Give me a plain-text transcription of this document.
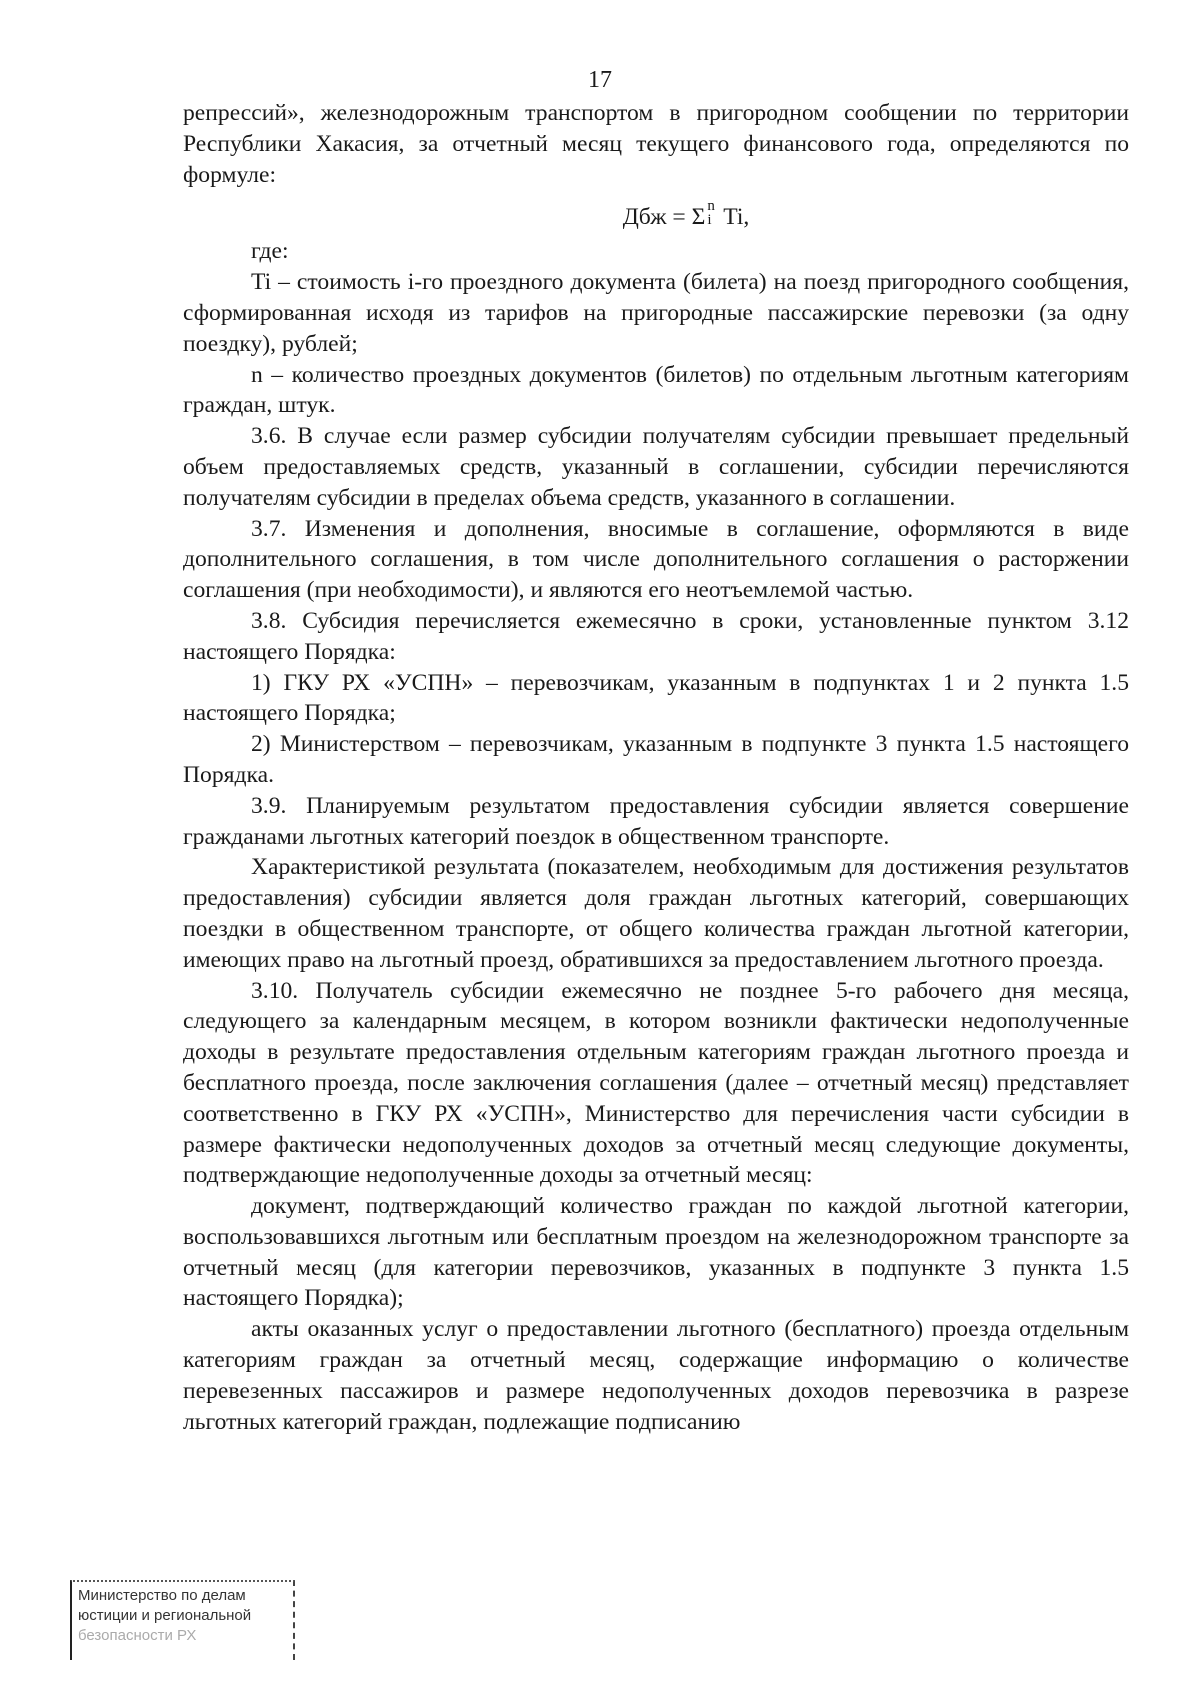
17

репрессий», железнодорожным транспортом в пригородном сообщении по территории Республики Хакасия, за отчетный месяц текущего финансового года, определяются по формуле:

Дбж = Σ n
i Ti,

где:

Ti – стоимость i-го проездного документа (билета) на поезд пригородного сообщения, сформированная исходя из тарифов на пригородные пассажирские перевозки (за одну поездку), рублей;

n – количество проездных документов (билетов) по отдельным льготным категориям граждан, штук.

3.6. В случае если размер субсидии получателям субсидии превышает предельный объем предоставляемых средств, указанный в соглашении, субсидии перечисляются получателям субсидии в пределах объема средств, указанного в соглашении.

3.7. Изменения и дополнения, вносимые в соглашение, оформляются в виде дополнительного соглашения, в том числе дополнительного соглашения о расторжении соглашения (при необходимости), и являются его неотъемлемой частью.

3.8. Субсидия перечисляется ежемесячно в сроки, установленные пунктом 3.12 настоящего Порядка:

1) ГКУ РХ «УСПН» – перевозчикам, указанным в подпунктах 1 и 2 пункта 1.5 настоящего Порядка;

2) Министерством – перевозчикам, указанным в подпункте 3 пункта 1.5 настоящего Порядка.

3.9. Планируемым результатом предоставления субсидии является совершение гражданами льготных категорий поездок в общественном транспорте.

Характеристикой результата (показателем, необходимым для достижения результатов предоставления) субсидии является доля граждан льготных категорий, совершающих поездки в общественном транспорте, от общего количества граждан льготной категории, имеющих право на льготный проезд, обратившихся за предоставлением льготного проезда.

3.10. Получатель субсидии ежемесячно не позднее 5-го рабочего дня месяца, следующего за календарным месяцем, в котором возникли фактически недополученные доходы в результате предоставления отдельным категориям граждан льготного проезда и бесплатного проезда, после заключения соглашения (далее – отчетный месяц) представляет соответственно в ГКУ РХ «УСПН», Министерство для перечисления части субсидии в размере фактически недополученных доходов за отчетный месяц следующие документы, подтверждающие недополученные доходы за отчетный месяц:

документ, подтверждающий количество граждан по каждой льготной категории, воспользовавшихся льготным или бесплатным проездом на железнодорожном транспорте за отчетный месяц (для категории перевозчиков, указанных в подпункте 3 пункта 1.5 настоящего Порядка);

акты оказанных услуг о предоставлении льготного (бесплатного) проезда отдельным категориям граждан за отчетный месяц, содержащие информацию о количестве перевезенных пассажиров и размере недополученных доходов перевозчика в разрезе льготных категорий граждан, подлежащие подписанию

Министерство по делам
юстиции и региональной
безопасности РХ
